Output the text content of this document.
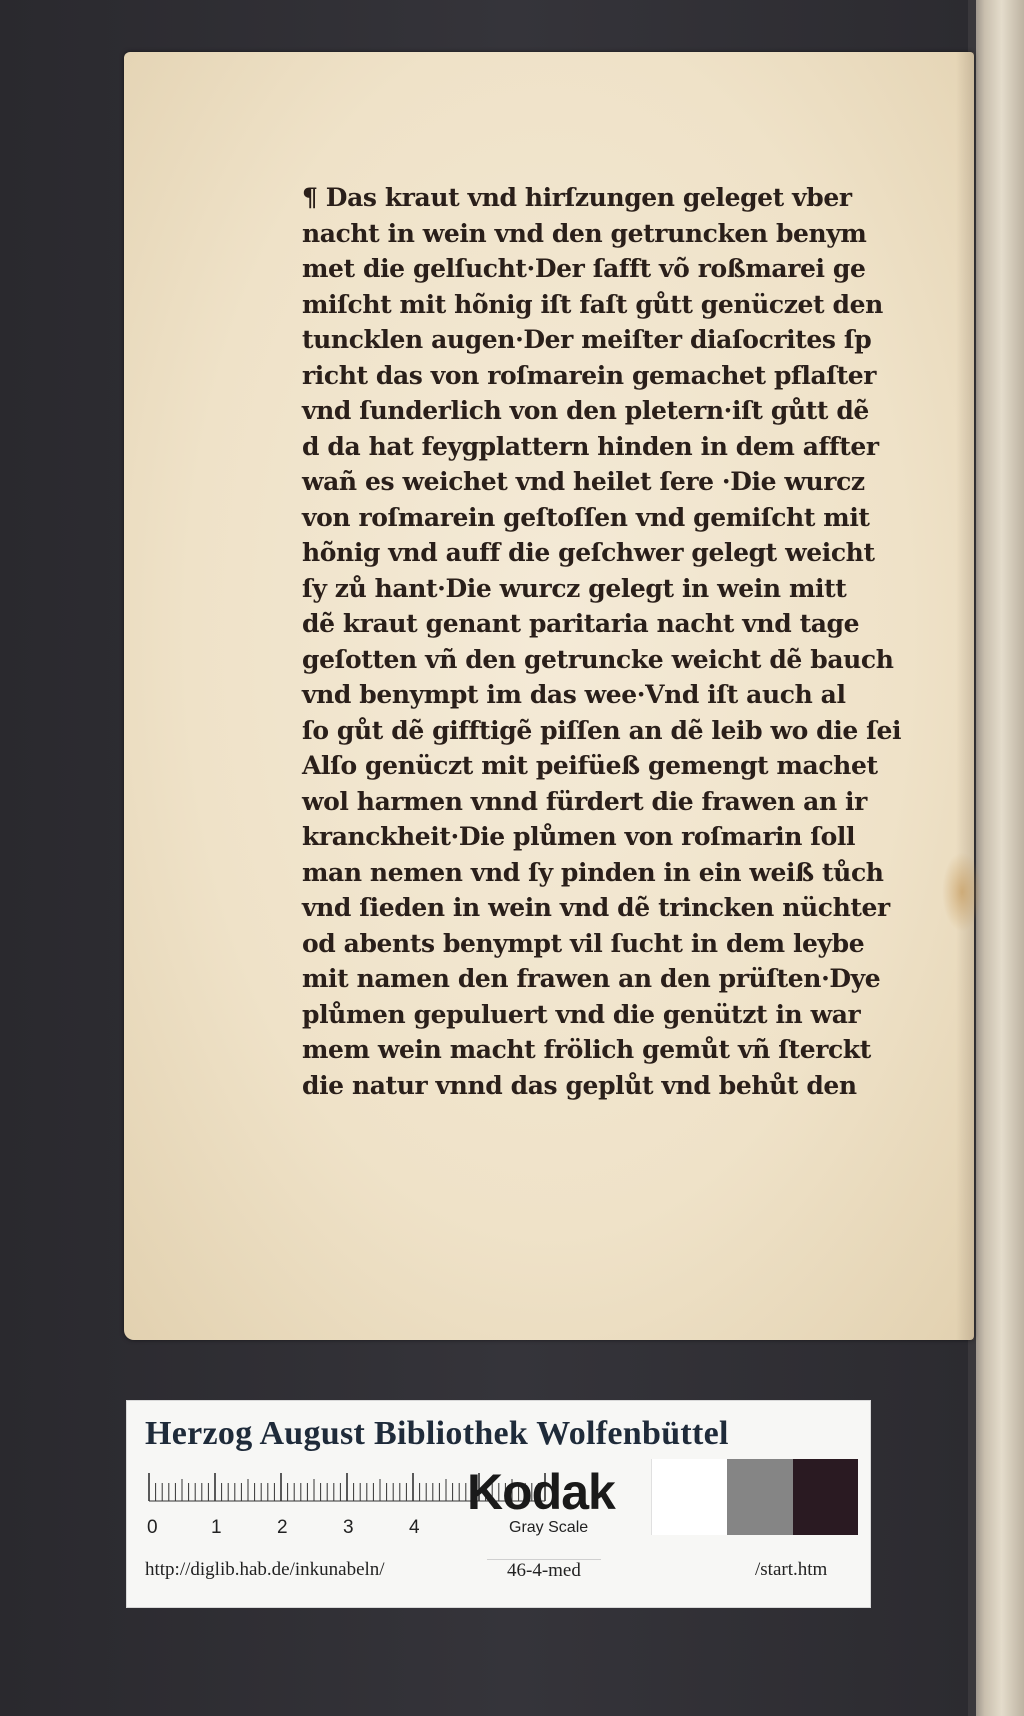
¶ Das kraut vnd hirſzungen geleget vber
nacht in wein vnd den getruncken benym
met die gelſucht·Der ſafft võ roßmarei ge
miſcht mit hõnig iſt faſt gůtt genüczet den
tuncklen augen·Der meiſter diaſocrites ſp
richt das von roſmarein gemachet pflaſter
vnd ſunderlich von den pletern·iſt gůtt dẽ
d da hat feygplattern hinden in dem affter
wañ es weichet vnd heilet ſere ·Die wurcz
von roſmarein geſtoſſen vnd gemiſcht mit
hõnig vnd auff die geſchwer gelegt weicht
ſy zů hant·Die wurcz gelegt in wein mitt
dẽ kraut genant paritaria nacht vnd tage
geſotten vñ den getruncke weicht dẽ bauch
vnd benympt im das wee·Vnd iſt auch al
ſo gůt dẽ gifftigẽ piſſen an dẽ leib wo die ſei
Alſo genüczt mit peifüeß gemengt machet
wol harmen vnnd fürdert die frawen an ir
kranckheit·Die plůmen von roſmarin ſoll
man nemen vnd ſy pinden in ein weiß tůch
vnd ſieden in wein vnd dẽ trincken nüchter
od abents benympt vil ſucht in dem leybe
mit namen den frawen an den prüſten·Dye
plůmen gepuluert vnd die genützt in war
mem wein macht frölich gemůt vñ ſterckt
die natur vnnd das geplůt vnd behůt den
Herzog August Bibliothek Wolfenbüttel
0	1	2	3	4
Kodak
Gray Scale
http://diglib.hab.de/inkunabeln/	46-4-med	/start.htm
